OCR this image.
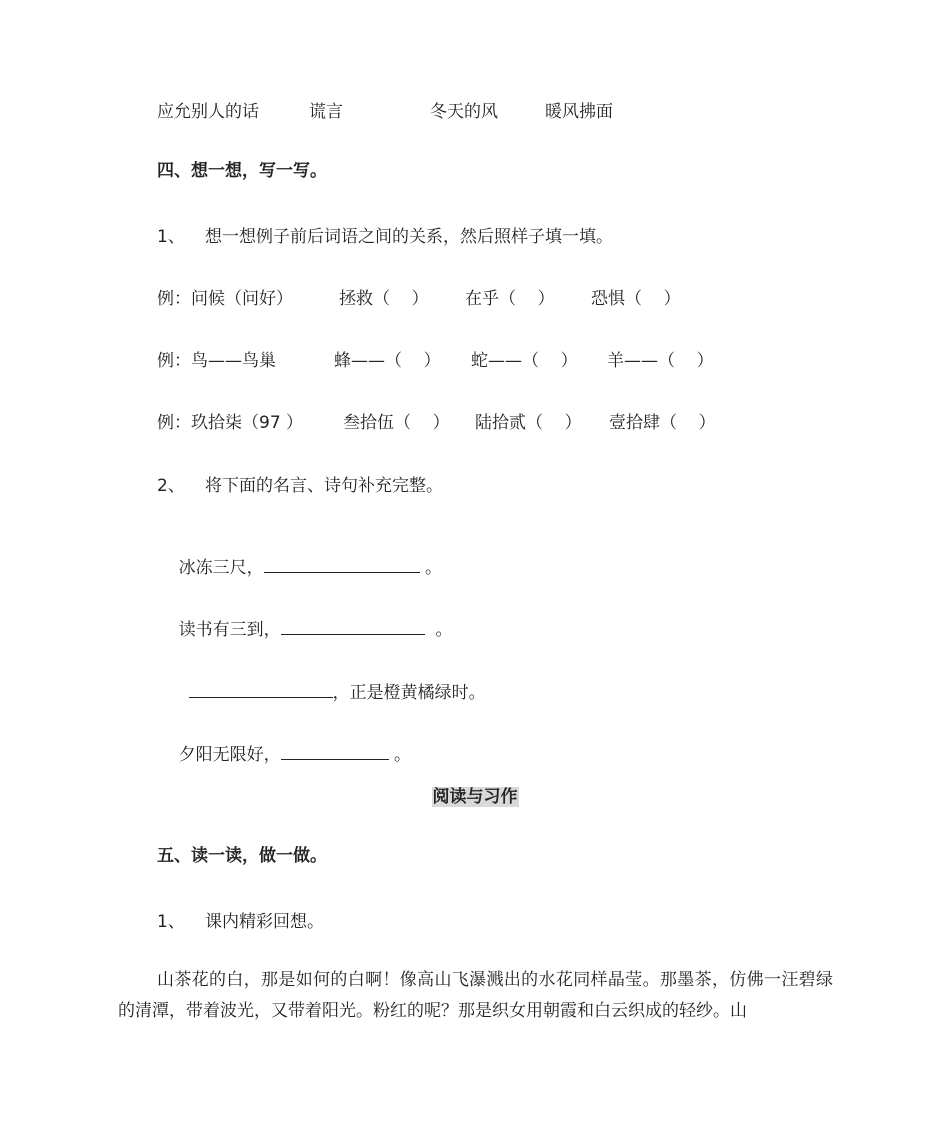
应允别人的话	谎言	冬天的风	暖风拂面
四、想一想，写一写。
1、 想一想例子前后词语之间的关系，然后照样子填一填。
例：问候（问好）	拯救（    ） 在乎（    ） 恐惧（    ）
例：鸟——鸟巢	蜂——（    ） 蛇——（    ） 羊——（    ）
例：玖拾柒（97 ） 叁拾伍（    ） 陆拾贰（    ） 壹拾肆（    ）
2、 将下面的名言、诗句补充完整。

冰冻三尺，	。

读书有三到，	。

，正是橙黄橘绿时。

夕阳无限好，	。

阅读与习作
五、读一读，做一做。
1、 课内精彩回想。
山茶花的白，那是如何的白啊！像高山飞瀑溅出的水花同样晶莹。那墨茶，仿佛一汪碧绿的清潭，带着波光，又带着阳光。粉红的呢？那是织女用朝霞和白云织成的轻纱。山
